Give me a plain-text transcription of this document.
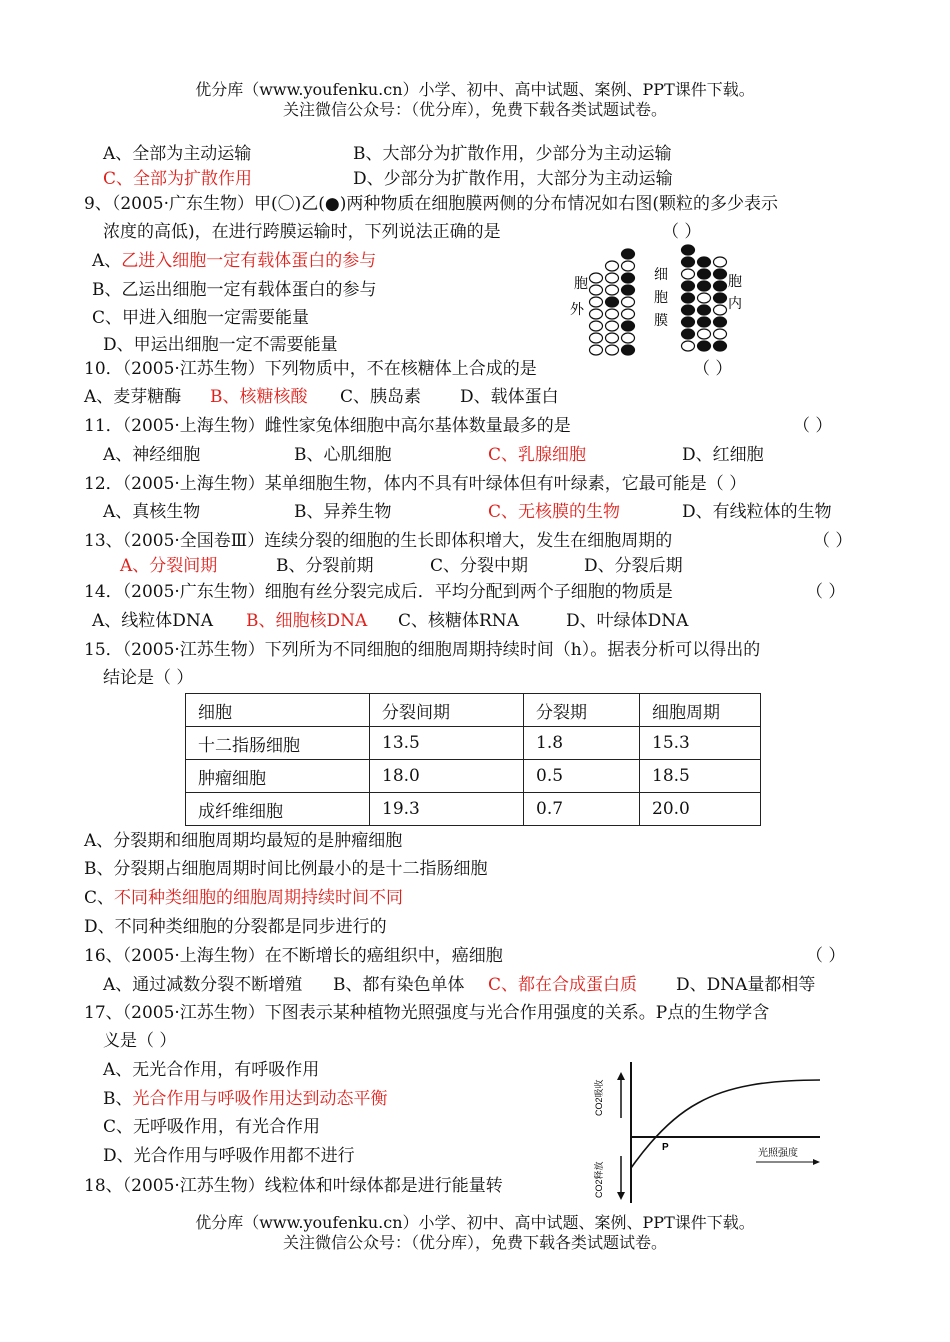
优分库（www.youfenku.cn）小学、初中、高中试题、案例、PPT课件下载。
关注微信公众号：（优分库），免费下载各类试题试卷。
A、全部为主动运输	B、大部分为扩散作用，少部分为主动运输
C、全部为扩散作用	D、少部分为扩散作用，大部分为主动运输
9、（2005·广东生物）甲(〇)乙(●)两种物质在细胞膜两侧的分布情况如右图(颗粒的多少表示
浓度的高低)，在进行跨膜运输时，下列说法正确的是	（ ）
A、乙进入细胞一定有载体蛋白的参与
B、乙运出细胞一定有载体蛋白的参与
C、甲进入细胞一定需要能量
D、甲运出细胞一定不需要能量
胞
外
细
胞
膜
胞
内
10．（2005·江苏生物）下列物质中，不在核糖体上合成的是	（ ）
A、麦芽糖酶 B、核糖核酸 C、胰岛素 D、载体蛋白
11．（2005·上海生物）雌性家兔体细胞中高尔基体数量最多的是	（ ）
A、神经细胞	B、心肌细胞	C、乳腺细胞	D、红细胞
12．（2005·上海生物）某单细胞生物，体内不具有叶绿体但有叶绿素，它最可能是（ ）
A、真核生物	B、异养生物	C、无核膜的生物	D、有线粒体的生物
13、（2005·全国卷Ⅲ）连续分裂的细胞的生长即体积增大，发生在细胞周期的	（ ）
A、分裂间期	B、分裂前期	C、分裂中期	D、分裂后期
14．（2005·广东生物）细胞有丝分裂完成后．平均分配到两个子细胞的物质是	（ ）
A、线粒体DNA B、细胞核DNA C、核糖体RNA	D、叶绿体DNA
15．（2005·江苏生物）下列所为不同细胞的细胞周期持续时间（h）。据表分析可以得出的
结论是（ ）
细胞	分裂间期	分裂期	细胞周期
十二指肠细胞	13.5	1.8	15.3
肿瘤细胞	18.0	0.5	18.5
成纤维细胞	19.3	0.7	20.0
A、分裂期和细胞周期均最短的是肿瘤细胞
B、分裂期占细胞周期时间比例最小的是十二指肠细胞
C、不同种类细胞的细胞周期持续时间不同
D、不同种类细胞的分裂都是同步进行的
16、（2005·上海生物）在不断增长的癌组织中，癌细胞	（ ）
A、通过减数分裂不断增殖 B、都有染色单体 C、都在合成蛋白质 D、DNA量都相等
17、（2005·江苏生物）下图表示某种植物光照强度与光合作用强度的关系。P点的生物学含
义是（ ）
A、无光合作用，有呼吸作用
B、光合作用与呼吸作用达到动态平衡
C、无呼吸作用，有光合作用
D、光合作用与呼吸作用都不进行
CO2吸收
CO2释放
P
光照强度
18、（2005·江苏生物）线粒体和叶绿体都是进行能量转
优分库（www.youfenku.cn）小学、初中、高中试题、案例、PPT课件下载。
关注微信公众号：（优分库），免费下载各类试题试卷。
